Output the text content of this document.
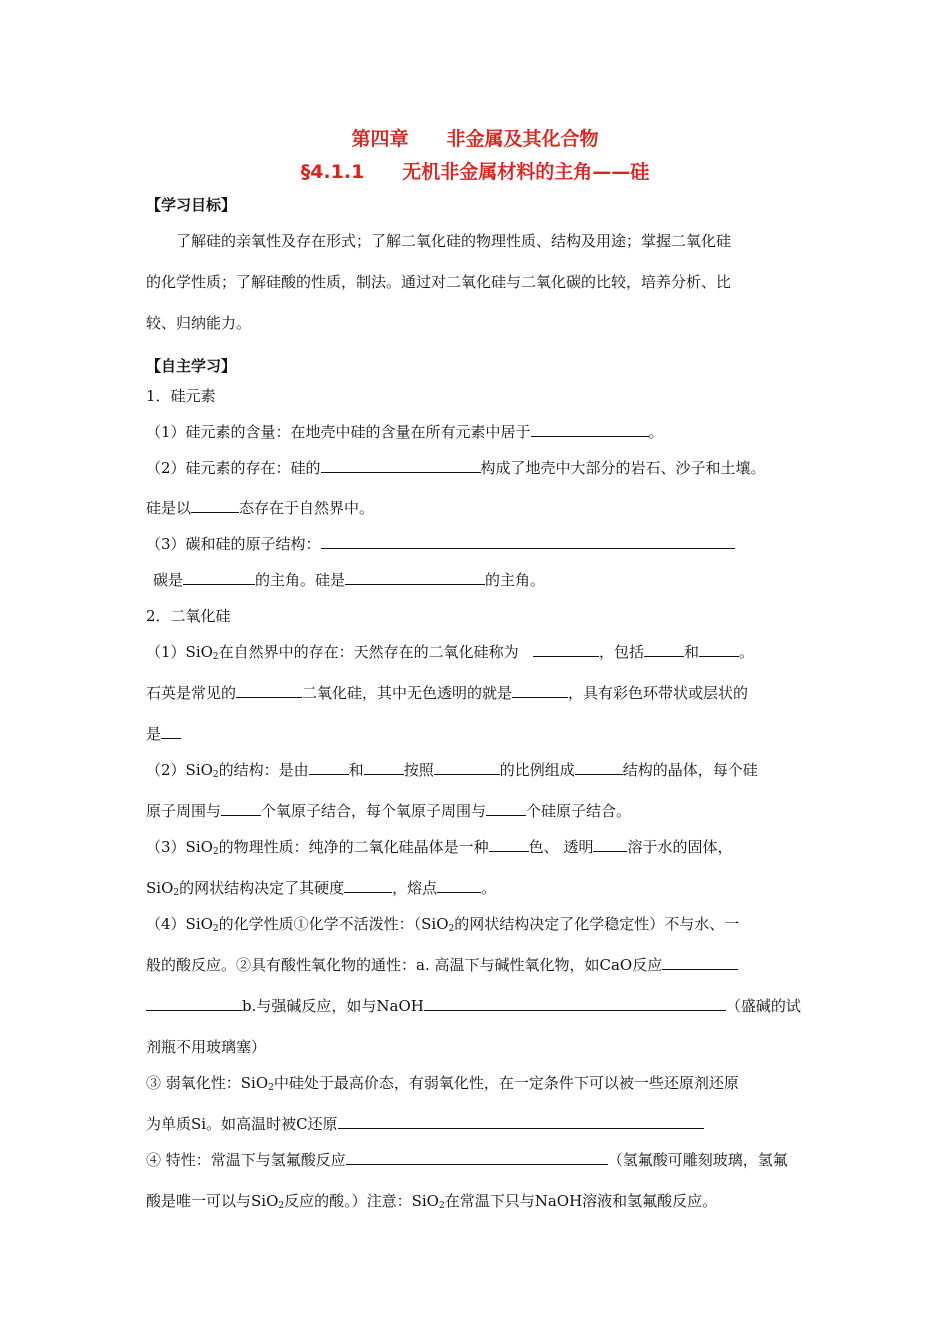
第四章　　非金属及其化合物
§4.1.1　　无机非金属材料的主角——硅
【学习目标】
了解硅的亲氧性及存在形式；了解二氧化硅的物理性质、结构及用途；掌握二氧化硅
的化学性质；了解硅酸的性质，制法。通过对二氧化硅与二氧化碳的比较，培养分析、比
较、归纳能力。
【自主学习】
1．硅元素
（1）硅元素的含量：在地壳中硅的含量在所有元素中居于	。
（2）硅元素的存在：硅的	构成了地壳中大部分的岩石、沙子和土壤。
硅是以	态存在于自然界中。
（3）碳和硅的原子结构：
碳是	的主角。硅是	的主角。
2．二氧化硅
（1）SiO$_2$在自然界中的存在：天然存在的二氧化硅称为	，包括	和	。
石英是常见的	二氧化硅，其中无色透明的就是	，具有彩色环带状或层状的
是
（2）SiO$_2$的结构：是由	和	按照	的比例组成	结构的晶体，每个硅
原子周围与	个氧原子结合，每个氧原子周围与	个硅原子结合。
（3）SiO$_2$的物理性质：纯净的二氧化硅晶体是一种	色、 透明 溶于水的固体，
SiO$_2$的网状结构决定了其硬度	，熔点	。
（4）SiO$_2$的化学性质①化学不活泼性：（SiO$_2$的网状结构决定了化学稳定性）不与水、一
般的酸反应。②具有酸性氧化物的通性：a. 高温下与碱性氧化物，如CaO反应
b.与强碱反应，如与NaOH	（盛碱的试
剂瓶不用玻璃塞）
③ 弱氧化性：SiO$_2$中硅处于最高价态，有弱氧化性，在一定条件下可以被一些还原剂还原
为单质Si。如高温时被C还原
④ 特性：常温下与氢氟酸反应	（氢氟酸可雕刻玻璃，氢氟
酸是唯一可以与SiO$_2$反应的酸。）注意：SiO$_2$在常温下只与NaOH溶液和氢氟酸反应。
